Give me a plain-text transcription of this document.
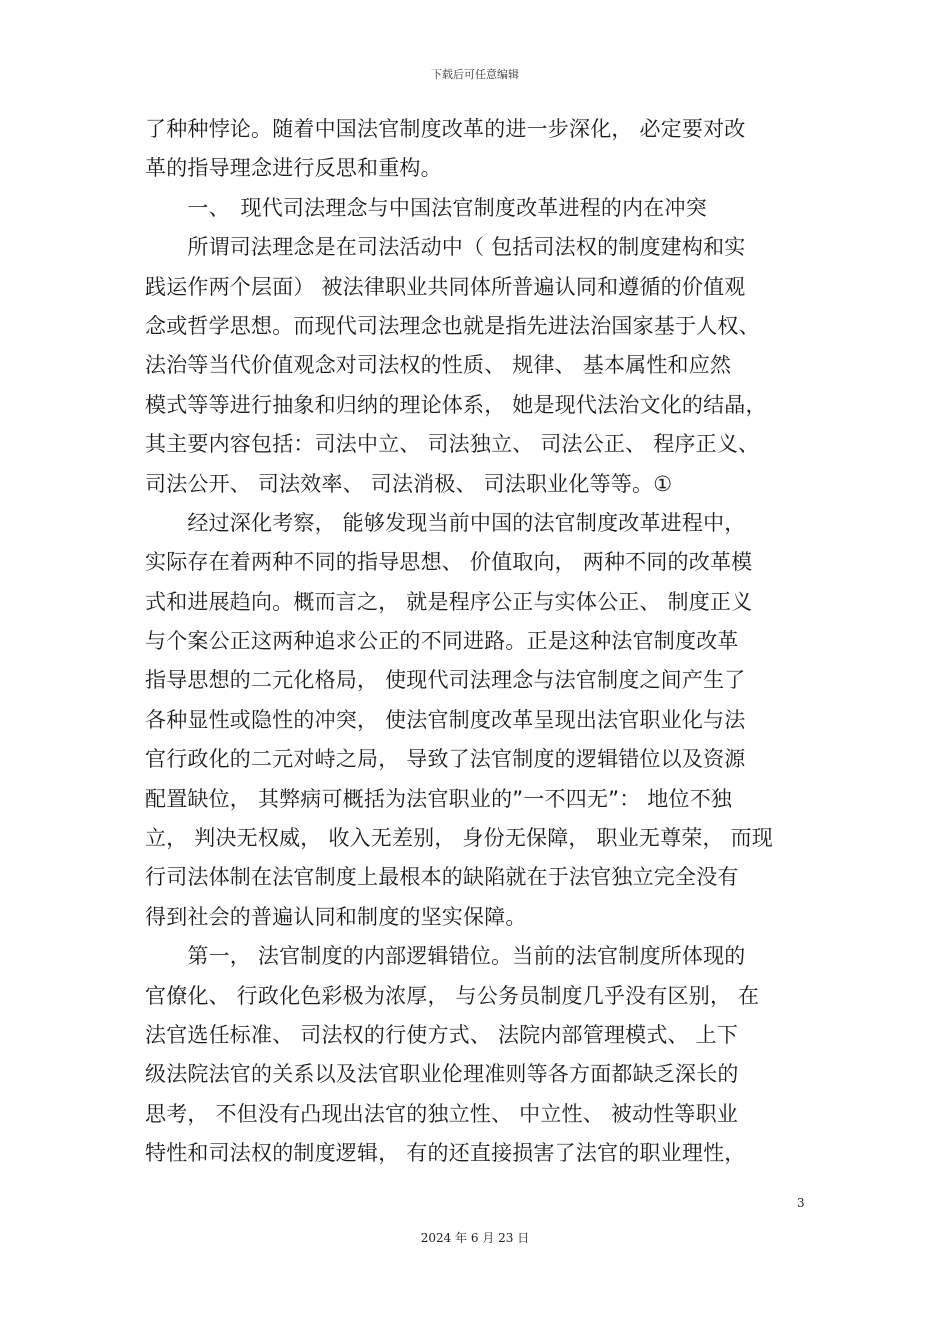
下载后可任意编辑
了种种悖论。随着中国法官制度改革的进一步深化， 必定要对改
革的指导理念进行反思和重构。
　　一、　现代司法理念与中国法官制度改革进程的内在冲突
　　所谓司法理念是在司法活动中（ 包括司法权的制度建构和实
践运作两个层面） 被法律职业共同体所普遍认同和遵循的价值观
念或哲学思想。而现代司法理念也就是指先进法治国家基于人权、
法治等当代价值观念对司法权的性质、 规律、 基本属性和应然
模式等等进行抽象和归纳的理论体系， 她是现代法治文化的结晶，
其主要内容包括：司法中立、 司法独立、 司法公正、 程序正义、
司法公开、 司法效率、 司法消极、 司法职业化等等。①
　　经过深化考察， 能够发现当前中国的法官制度改革进程中，
实际存在着两种不同的指导思想、 价值取向， 两种不同的改革模
式和进展趋向。概而言之， 就是程序公正与实体公正、 制度正义
与个案公正这两种追求公正的不同进路。正是这种法官制度改革
指导思想的二元化格局， 使现代司法理念与法官制度之间产生了
各种显性或隐性的冲突， 使法官制度改革呈现出法官职业化与法
官行政化的二元对峙之局， 导致了法官制度的逻辑错位以及资源
配置缺位， 其弊病可概括为法官职业的”一不四无”： 地位不独
立， 判决无权威， 收入无差别， 身份无保障， 职业无尊荣， 而现
行司法体制在法官制度上最根本的缺陷就在于法官独立完全没有
得到社会的普遍认同和制度的坚实保障。
　　第一， 法官制度的内部逻辑错位。当前的法官制度所体现的
官僚化、 行政化色彩极为浓厚， 与公务员制度几乎没有区别， 在
法官选任标准、 司法权的行使方式、 法院内部管理模式、 上下
级法院法官的关系以及法官职业伦理准则等各方面都缺乏深长的
思考， 不但没有凸现出法官的独立性、 中立性、 被动性等职业
特性和司法权的制度逻辑， 有的还直接损害了法官的职业理性，
3
2024 年 6 月 23 日
